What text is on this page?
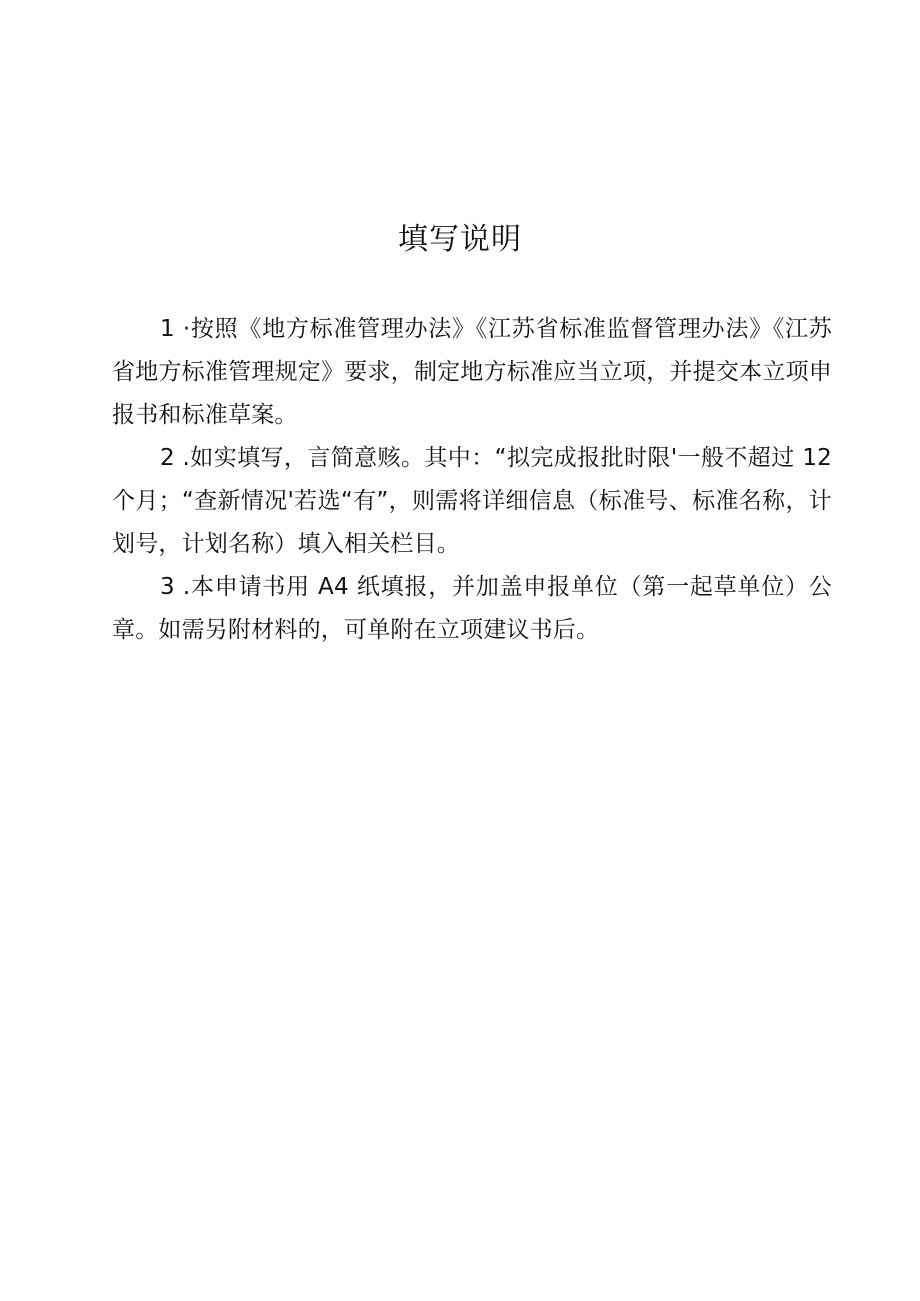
填写说明

1 ·按照《地方标准管理办法》《江苏省标准监督管理办法》《江苏省地方标准管理规定》要求，制定地方标准应当立项，并提交本立项申报书和标准草案。

2 .如实填写，言简意赅。其中：“拟完成报批时限'一般不超过 12个月；“查新情况'若选“有”，则需将详细信息（标准号、标准名称，计划号，计划名称）填入相关栏目。

3 .本申请书用 A4 纸填报，并加盖申报单位（第一起草单位）公章。如需另附材料的，可单附在立项建议书后。
